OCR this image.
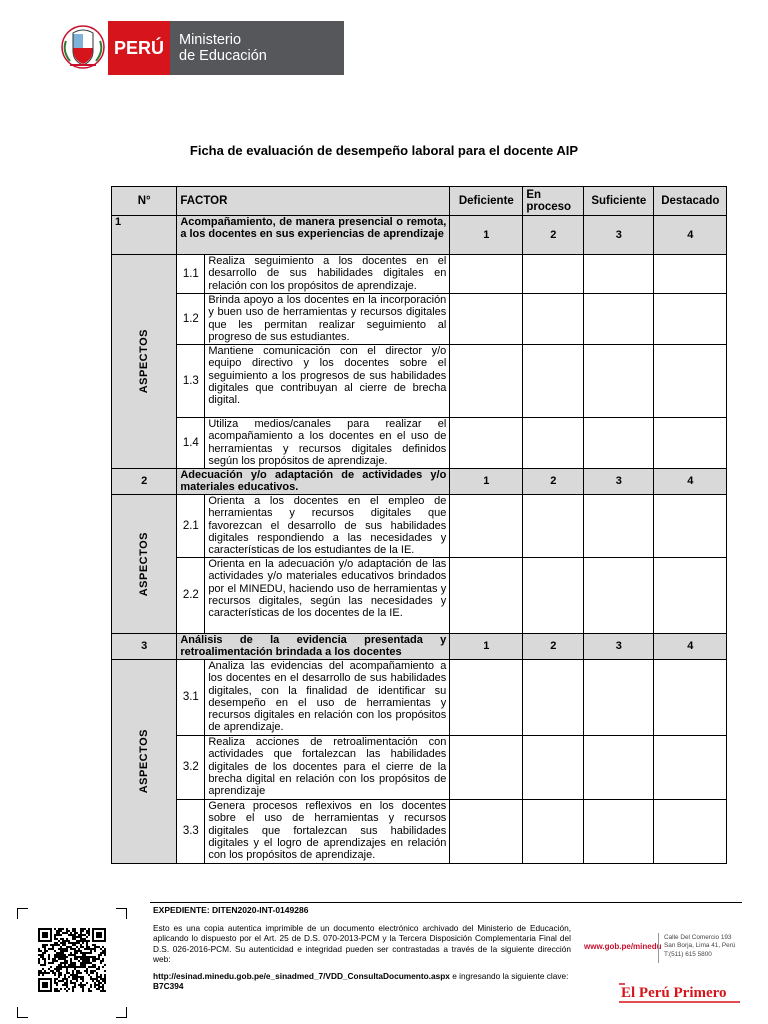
PERÚ Ministerio
de Educación
Ficha de evaluación de desempeño laboral para el docente AIP
N°	FACTOR		Deficiente	En proceso	Suficiente	Destacado
1	Acompañamiento, de manera presencial o remota, a los docentes en sus experiencias de aprendizaje		1	2	3	4
ASPECTOS	1.1	Realiza seguimiento a los docentes en el desarrollo de sus habilidades digitales en relación con los propósitos de aprendizaje.				
	1.2	Brinda apoyo a los docentes en la incorporación y buen uso de herramientas y recursos digitales que les permitan realizar seguimiento al progreso de sus estudiantes.				
	1.3	Mantiene comunicación con el director y/o equipo directivo y los docentes sobre el seguimiento a los progresos de sus habilidades digitales que contribuyan al cierre de brecha digital.				
	1.4	Utiliza medios/canales para realizar el acompañamiento a los docentes en el uso de herramientas y recursos digitales definidos según los propósitos de aprendizaje.				
2	Adecuación y/o adaptación de actividades y/o materiales educativos.		1	2	3	4
ASPECTOS	2.1	Orienta a los docentes en el empleo de herramientas y recursos digitales que favorezcan el desarrollo de sus habilidades digitales respondiendo a las necesidades y características de los estudiantes de la IE.				
	2.2	Orienta en la adecuación y/o adaptación de las actividades y/o materiales educativos brindados por el MINEDU, haciendo uso de herramientas y recursos digitales, según las necesidades y características de los docentes de la IE.				
3	Análisis de la evidencia presentada y retroalimentación brindada a los docentes		1	2	3	4
ASPECTOS	3.1	Analiza las evidencias del acompañamiento a los docentes en el desarrollo de sus habilidades digitales, con la finalidad de identificar su desempeño en el uso de herramientas y recursos digitales en relación con los propósitos de aprendizaje.				
	3.2	Realiza acciones de retroalimentación con actividades que fortalezcan las habilidades digitales de los docentes para el cierre de la brecha digital en relación con los propósitos de aprendizaje				
	3.3	Genera procesos reflexivos en los docentes sobre el uso de herramientas y recursos digitales que fortalezcan sus habilidades digitales y el logro de aprendizajes en relación con los propósitos de aprendizaje.				
EXPEDIENTE: DITEN2020-INT-0149286
Esto es una copia autentica imprimible de un documento electrónico archivado del Ministerio de Educación, aplicando lo dispuesto por el Art. 25 de D.S. 070-2013-PCM y la Tercera Disposición Complementaria Final del D.S. 026-2016-PCM. Su autenticidad e integridad pueden ser contrastadas a través de la siguiente dirección web:
http://esinad.minedu.gob.pe/e_sinadmed_7/VDD_ConsultaDocumento.aspx e ingresando la siguiente clave: B7C394
www.gob.pe/minedu
Calle Del Comercio 193
San Borja, Lima 41, Perú
T:(511) 615 5800
El Perú Primero
